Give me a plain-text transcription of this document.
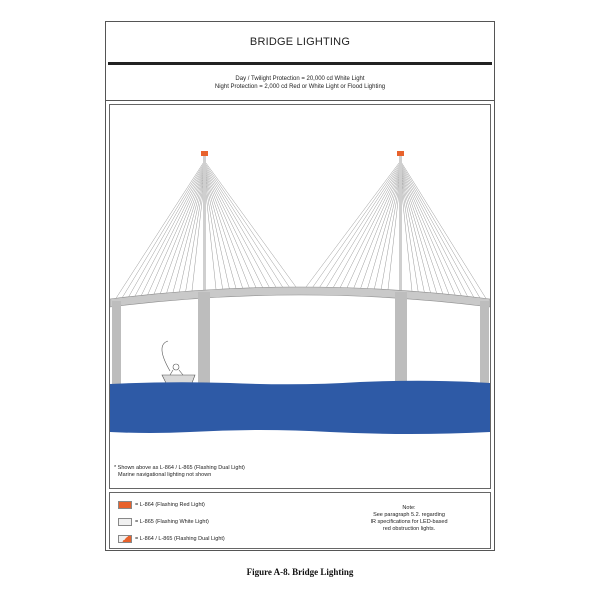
BRIDGE LIGHTING
Day / Twilight Protection = 20,000 cd White Light
Night Protection = 2,000 cd Red or White Light or Flood Lighting
* Shown above as L-864 / L-865 (Flashing Dual Light)
Marine navigational lighting not shown
= L-864 (Flashing Red Light)
= L-865 (Flashing White Light)
= L-864 / L-865 (Flashing Dual Light)
Note:
See paragraph 5.2. regarding
IR specifications for LED-based
red obstruction lights.
Figure A-8. Bridge Lighting
